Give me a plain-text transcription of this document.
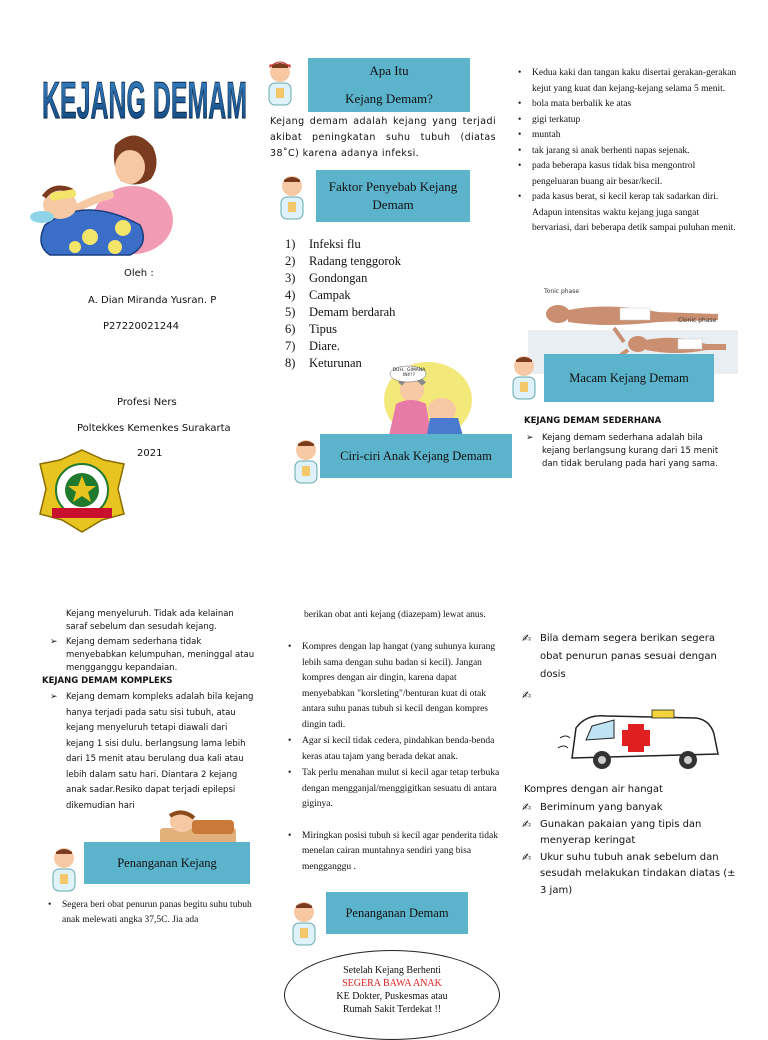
KEJANG DEMAM
Oleh :
A. Dian Miranda Yusran. P
P27220021244
Profesi Ners
Poltekkes Kemenkes Surakarta
2021
Apa Itu
Kejang Demam?
Kejang demam adalah kejang yang terjadi akibat peningkatan suhu tubuh (diatas 38˚C) karena adanya infeksi.
Faktor Penyebab Kejang Demam
1)	Infeksi flu
2)	Radang tenggorok
3)	Gondongan
4)	Campak
5)	Demam berdarah
6)	Tipus
7)	Diare.
8)	Keturunan
DUH.. GIMANA INI!!?
Ciri-ciri Anak Kejang Demam
• Kedua kaki dan tangan kaku disertai gerakan-gerakan kejut yang kuat dan kejang-kejang selama 5 menit.
• bola mata berbalik ke atas
• gigi terkatup
• muntah
• tak jarang si anak berhenti napas sejenak.
• pada beberapa kasus tidak bisa mengontrol pengeluaran buang air besar/kecil.
• pada kasus berat, si kecil kerap tak sadarkan diri. Adapun intensitas waktu kejang juga sangat bervariasi, dari beberapa detik sampai puluhan menit.
Tonic phase
Clonic phase
Macam Kejang Demam
KEJANG DEMAM SEDERHANA
➢ Kejang demam sederhana adalah bila kejang berlangsung kurang dari 15 menit dan tidak berulang pada hari yang sama.
Kejang menyeluruh. Tidak ada kelainan saraf sebelum dan sesudah kejang.
➢ Kejang demam sederhana tidak menyebabkan kelumpuhan, meninggal atau mengganggu kepandaian.
KEJANG DEMAM KOMPLEKS
➢ Kejang demam kompleks adalah bila kejang hanya terjadi pada satu sisi tubuh, atau kejang menyeluruh tetapi diawali dari kejang 1 sisi dulu. berlangsung lama lebih dari 15 menit atau berulang dua kali atau lebih dalam satu hari. Diantara 2 kejang anak sadar.Resiko dapat terjadi epilepsi dikemudian hari
Penanganan Kejang
• Segera beri obat penurun panas begitu suhu tubuh anak melewati angka 37,5C. Jia ada
berikan obat anti kejang (diazepam) lewat anus.
• Kompres dengan lap hangat (yang suhunya kurang lebih sama dengan suhu badan si kecil). Jangan kompres dengan air dingin, karena dapat menyebabkan "korsleting"/benturan kuat di otak antara suhu panas tubuh si kecil dengan kompres dingin tadi.
• Agar si kecil tidak cedera, pindahkan benda-benda keras atau tajam yang berada dekat anak.
• Tak perlu menahan mulut si kecil agar tetap terbuka dengan mengganjal/menggigitkan sesuatu di antara giginya.
• Miringkan posisi tubuh si kecil agar penderita tidak menelan cairan muntahnya sendiri yang bisa mengganggu .
Penanganan Demam
Setelah Kejang Berhenti
SEGERA BAWA ANAK
KE Dokter, Puskesmas atau
Rumah Sakit Terdekat !!
✍ Bila demam segera berikan segera obat penurun panas sesuai dengan dosis
✍
Kompres dengan air hangat
✍ Beriminum yang banyak
✍ Gunakan pakaian yang tipis dan menyerap keringat
✍ Ukur suhu tubuh anak sebelum dan sesudah melakukan tindakan diatas (± 3 jam)
